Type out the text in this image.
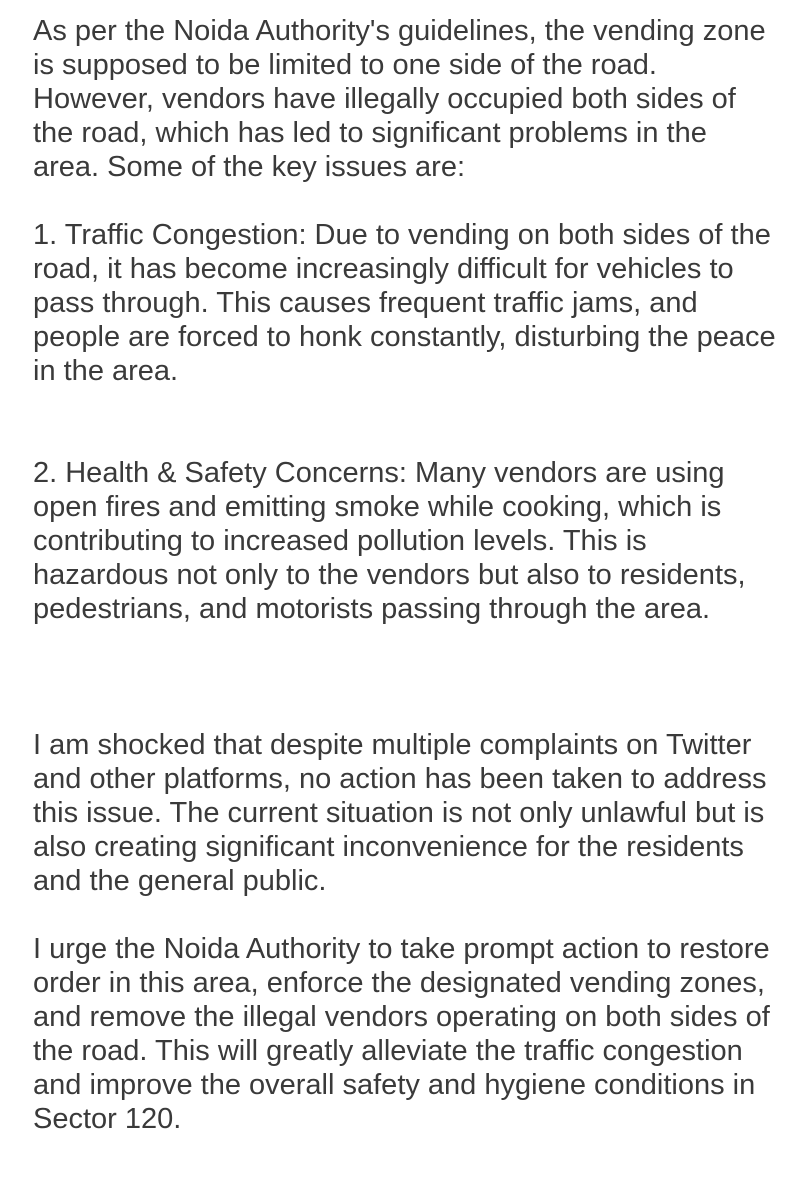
As per the Noida Authority's guidelines, the vending zone is supposed to be limited to one side of the road. However, vendors have illegally occupied both sides of the road, which has led to significant problems in the area. Some of the key issues are:

1. Traffic Congestion: Due to vending on both sides of the road, it has become increasingly difficult for vehicles to pass through. This causes frequent traffic jams, and people are forced to honk constantly, disturbing the peace in the area.

2. Health & Safety Concerns: Many vendors are using open fires and emitting smoke while cooking, which is contributing to increased pollution levels. This is hazardous not only to the vendors but also to residents, pedestrians, and motorists passing through the area.

I am shocked that despite multiple complaints on Twitter and other platforms, no action has been taken to address this issue. The current situation is not only unlawful but is also creating significant inconvenience for the residents and the general public.

I urge the Noida Authority to take prompt action to restore order in this area, enforce the designated vending zones, and remove the illegal vendors operating on both sides of the road. This will greatly alleviate the traffic congestion and improve the overall safety and hygiene conditions in Sector 120.
